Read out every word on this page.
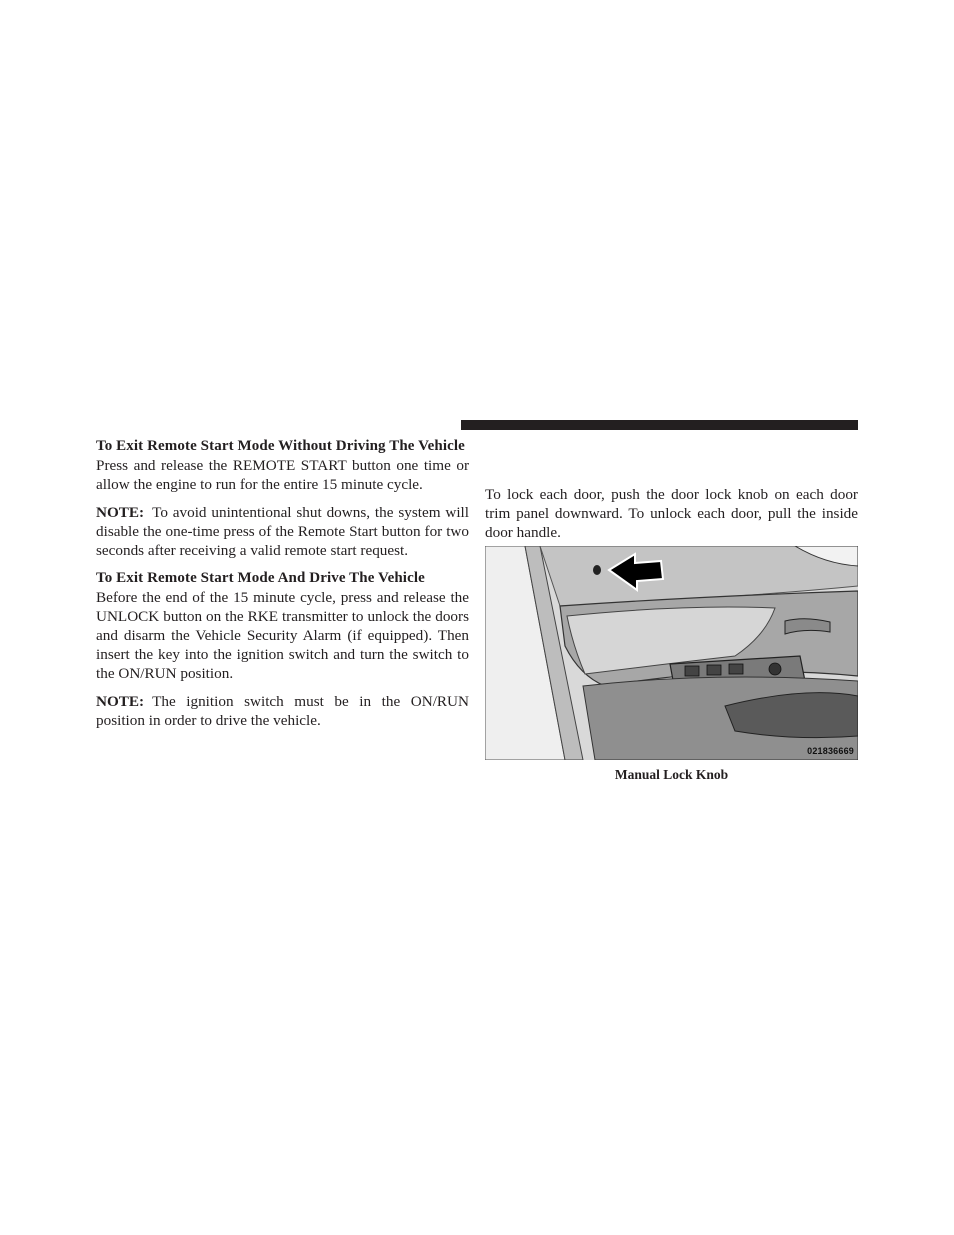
To Exit Remote Start Mode Without Driving The Vehicle

Press and release the REMOTE START button one time or allow the engine to run for the entire 15 minute cycle.

NOTE: To avoid unintentional shut downs, the system will disable the one-time press of the Remote Start button for two seconds after receiving a valid remote start request.

To Exit Remote Start Mode And Drive The Vehicle

Before the end of the 15 minute cycle, press and release the UNLOCK button on the RKE transmitter to unlock the doors and disarm the Vehicle Security Alarm (if equipped). Then insert the key into the ignition switch and turn the switch to the ON/RUN position.

NOTE: The ignition switch must be in the ON/RUN position in order to drive the vehicle.

To lock each door, push the door lock knob on each door trim panel downward. To unlock each door, pull the inside door handle.

021836669
Manual Lock Knob
